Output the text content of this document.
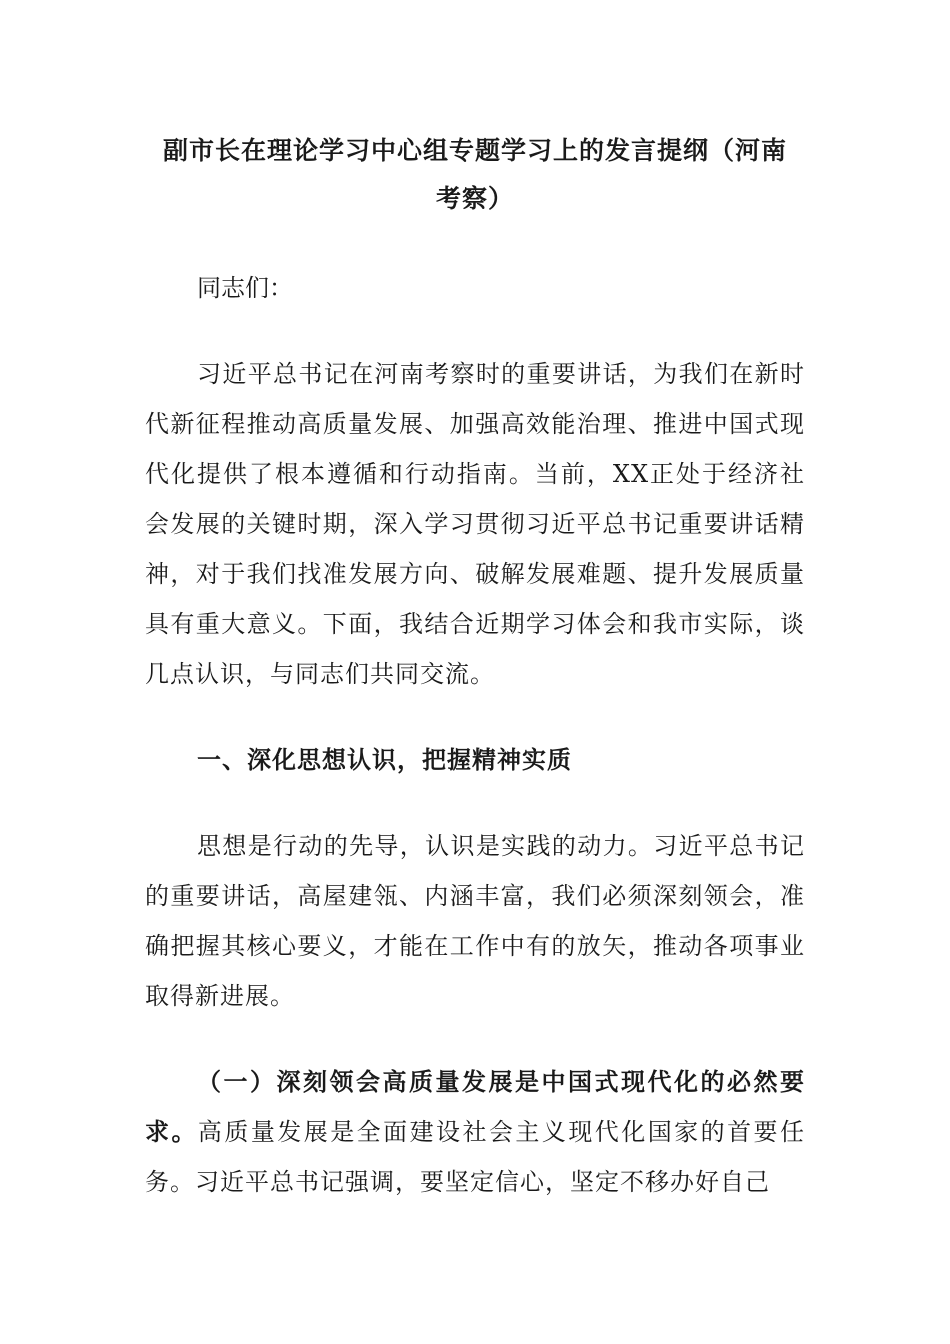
副市长在理论学习中心组专题学习上的发言提纲（河南考察）
同志们：

习近平总书记在河南考察时的重要讲话，为我们在新时代新征程推动高质量发展、加强高效能治理、推进中国式现代化提供了根本遵循和行动指南。当前，XX正处于经济社会发展的关键时期，深入学习贯彻习近平总书记重要讲话精神，对于我们找准发展方向、破解发展难题、提升发展质量具有重大意义。下面，我结合近期学习体会和我市实际，谈几点认识，与同志们共同交流。

一、深化思想认识，把握精神实质

思想是行动的先导，认识是实践的动力。习近平总书记的重要讲话，高屋建瓴、内涵丰富，我们必须深刻领会，准确把握其核心要义，才能在工作中有的放矢，推动各项事业取得新进展。

（一）深刻领会高质量发展是中国式现代化的必然要求。高质量发展是全面建设社会主义现代化国家的首要任务。习近平总书记强调，要坚定信心，坚定不移办好自己
